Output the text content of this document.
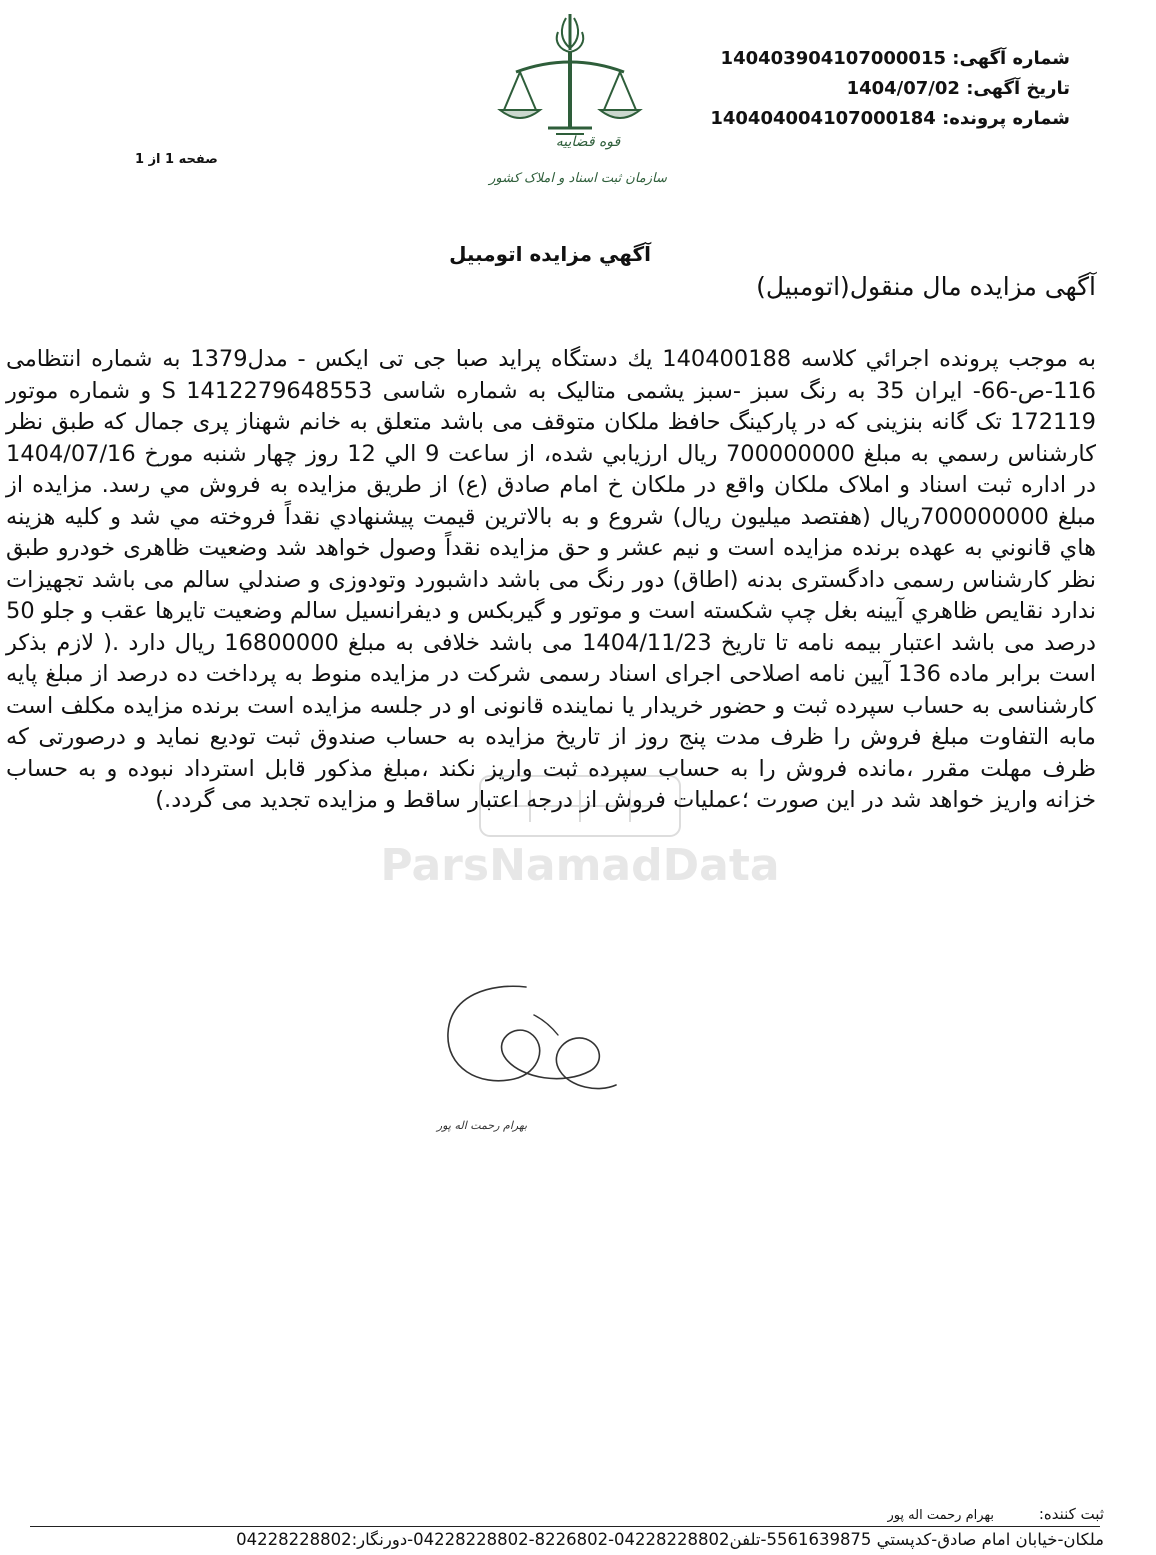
شماره آگهی: 14040390410700001‌5
تاریخ آگهی: 1404/07/02
شماره پرونده: 140404004107000184
صفحه 1 از 1
قوه قضاییه
سازمان ثبت اسناد و املاک کشور
آگهي مزايده اتومبيل
آگهی مزایده مال منقول(اتومبیل)
ParsNamadData
به موجب پرونده اجرائي كلاسه 140400188 يك دستگاه پراید صبا جی تی ایکس - مدل1379 به شماره انتظامی 116-ص-66- ایران 35 به رنگ سبز -سبز یشمی متالیک به شماره شاسی S 1412279648553 و شماره موتور 172119 تک گانه بنزینی که در پارکینگ حافظ ملکان متوقف می باشد متعلق به خانم شهناز پری جمال که طبق نظر كارشناس رسمي به مبلغ 700000000 ريال ارزيابي شده، از ساعت 9 الي 12 روز چهار شنبه مورخ 1404/07/16 در اداره ثبت اسناد و املاک ملکان واقع در ملکان خ امام صادق (ع) از طريق مزايده به فروش مي رسد. مزايده از مبلغ 700000000ريال (هفتصد میلیون ريال) شروع و به بالاترين قيمت پيشنهادي نقداً فروخته مي شد و كليه هزينه هاي قانوني به عهده برنده مزایده است و نیم عشر و حق مزایده نقداً وصول خواهد شد وضعیت ظاهری خودرو طبق نظر کارشناس رسمی دادگستری بدنه (اطاق) دور رنگ می باشد داشبورد وتودوزی و صندلي سالم می باشد تجهیزات ندارد نقایص ظاهري آیینه بغل چپ شکسته است و موتور و گیربکس و دیفرانسیل سالم وضعیت تایرها عقب و جلو 50 درصد می باشد اعتبار بیمه نامه تا تاریخ 1404/11/23 می باشد خلافی به مبلغ 16800000 ریال دارد .( لازم بذکر است برابر ماده 136 آیین نامه اصلاحی اجرای اسناد رسمی شرکت در مزایده منوط به پرداخت ده درصد از مبلغ پایه کارشناسی به حساب سپرده ثبت و حضور خریدار یا نماینده قانونی او در جلسه مزایده است برنده مزایده مکلف است مابه التفاوت مبلغ فروش را ظرف مدت پنج روز از تاریخ مزایده به حساب صندوق ثبت تودیع نماید و درصورتی که ظرف مهلت مقرر ،مانده فروش را به حساب سپرده ثبت واریز نکند ،مبلغ مذکور قابل استرداد نبوده و به حساب خزانه واریز خواهد شد در این صورت ؛عملیات فروش از درجه اعتبار ساقط و مزایده تجدید می گردد.)
بهرام رحمت اله پور
ثبت کننده: بهرام رحمت اله پور
ملكان-خيابان امام صادق-كدپستي 5561639875-تلفن04228228802-8226802-04228228802-دورنگار:04228228802
